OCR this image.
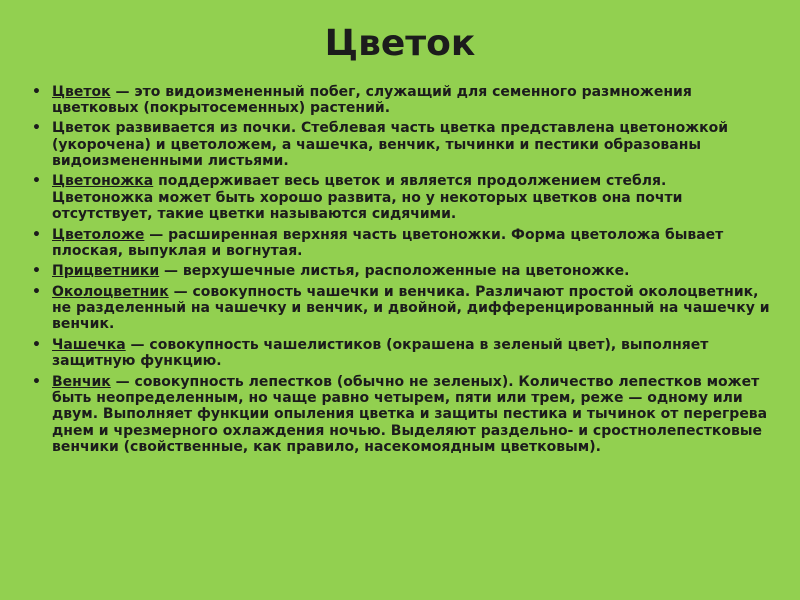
Цветок
• Цветок — это видоизмененный побег, служащий для семенного размножения цветковых (покрытосеменных) растений.
• Цветок развивается из почки. Стеблевая часть цветка представлена цветоножкой (укорочена) и цветоложем, а чашечка, венчик, тычинки и пестики образованы видоизмененными листьями.
• Цветоножка поддерживает весь цветок и является продолжением стебля. Цветоножка может быть хорошо развита, но у некоторых цветков она почти отсутствует, такие цветки называются сидячими.
• Цветоложе — расширенная верхняя часть цветоножки. Форма цветоложа бывает плоская, выпуклая и вогнутая.
• Прицветники — верхушечные листья, расположенные на цветоножке.
• Околоцветник — совокупность чашечки и венчика. Различают простой околоцветник, не разделенный на чашечку и венчик, и двойной, дифференцированный на чашечку и венчик.
• Чашечка — совокупность чашелистиков (окрашена в зеленый цвет), выполняет защитную функцию.
• Венчик — совокупность лепестков (обычно не зеленых). Количество лепестков может быть неопределенным, но чаще равно четырем, пяти или трем, реже — одному или двум. Выполняет функции опыления цветка и защиты пестика и тычинок от перегрева днем и чрезмерного охлаждения ночью. Выделяют раздельно- и сростнолепестковые венчики (свойственные, как правило, насекомоядным цветковым).
